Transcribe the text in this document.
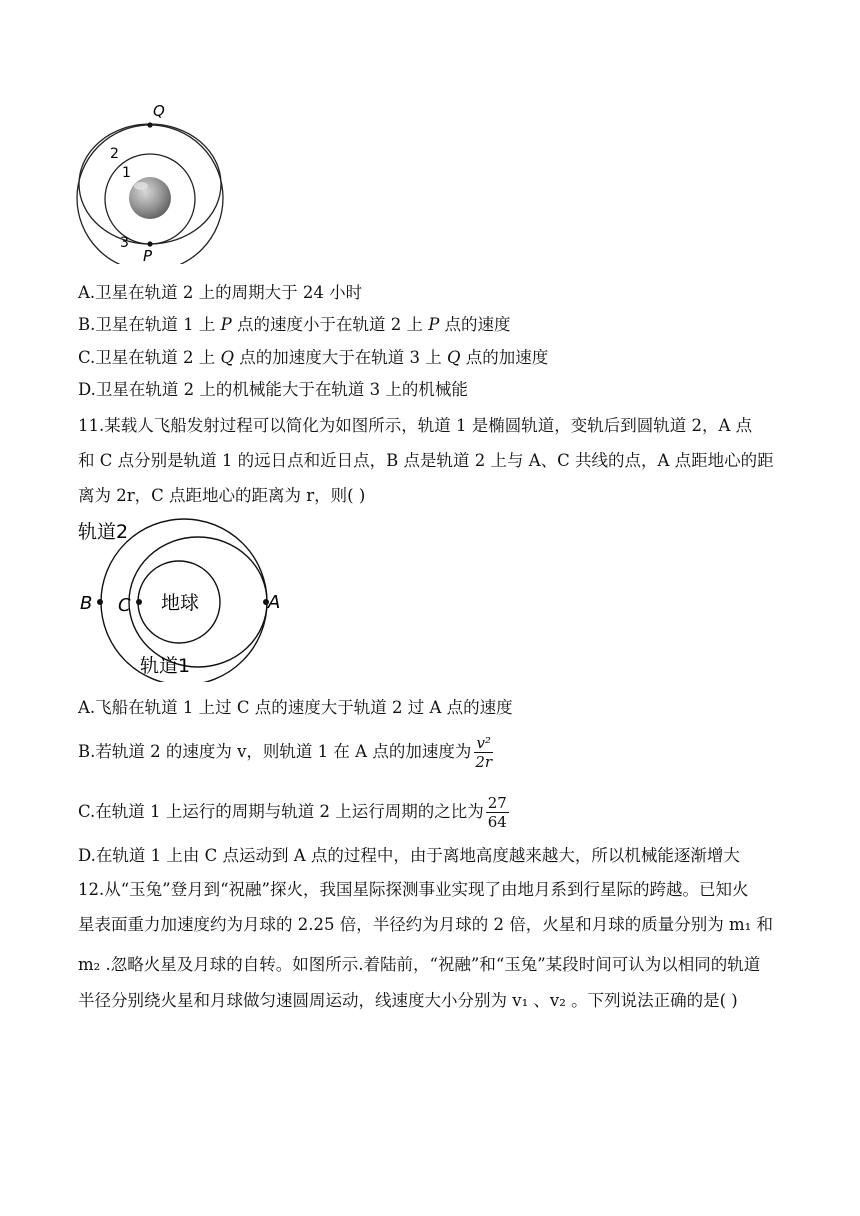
Q
P
2
1
3
A.卫星在轨道 2 上的周期大于 24 小时
B.卫星在轨道 1 上 P 点的速度小于在轨道 2 上 P 点的速度
C.卫星在轨道 2 上 Q 点的加速度大于在轨道 3 上 Q 点的加速度
D.卫星在轨道 2 上的机械能大于在轨道 3 上的机械能
11.某载人飞船发射过程可以简化为如图所示，轨道 1 是椭圆轨道，变轨后到圆轨道 2，A 点
和 C 点分别是轨道 1 的远日点和近日点，B 点是轨道 2 上与 A、C 共线的点，A 点距地心的距
离为 2r，C 点距地心的距离为 r，则( )
轨道2
轨道1
地球
B C	A
A.飞船在轨道 1 上过 C 点的速度大于轨道 2 过 A 点的速度
B.若轨道 2 的速度为 v，则轨道 1 在 A 点的加速度为 $\frac{\text{v²}}{2r}$
C.在轨道 1 上运行的周期与轨道 2 上运行周期的之比为 $\frac{27}{64}$
D.在轨道 1 上由 C 点运动到 A 点的过程中，由于离地高度越来越大，所以机械能逐渐增大
12.从“玉兔”登月到“祝融”探火，我国星际探测事业实现了由地月系到行星际的跨越。已知火
星表面重力加速度约为月球的 2.25 倍，半径约为月球的 2 倍，火星和月球的质量分别为 m₁ 和
m₂ .忽略火星及月球的自转。如图所示.着陆前，“祝融”和“玉兔”某段时间可认为以相同的轨道
半径分别绕火星和月球做匀速圆周运动，线速度大小分别为 v₁ 、v₂ 。下列说法正确的是( )
